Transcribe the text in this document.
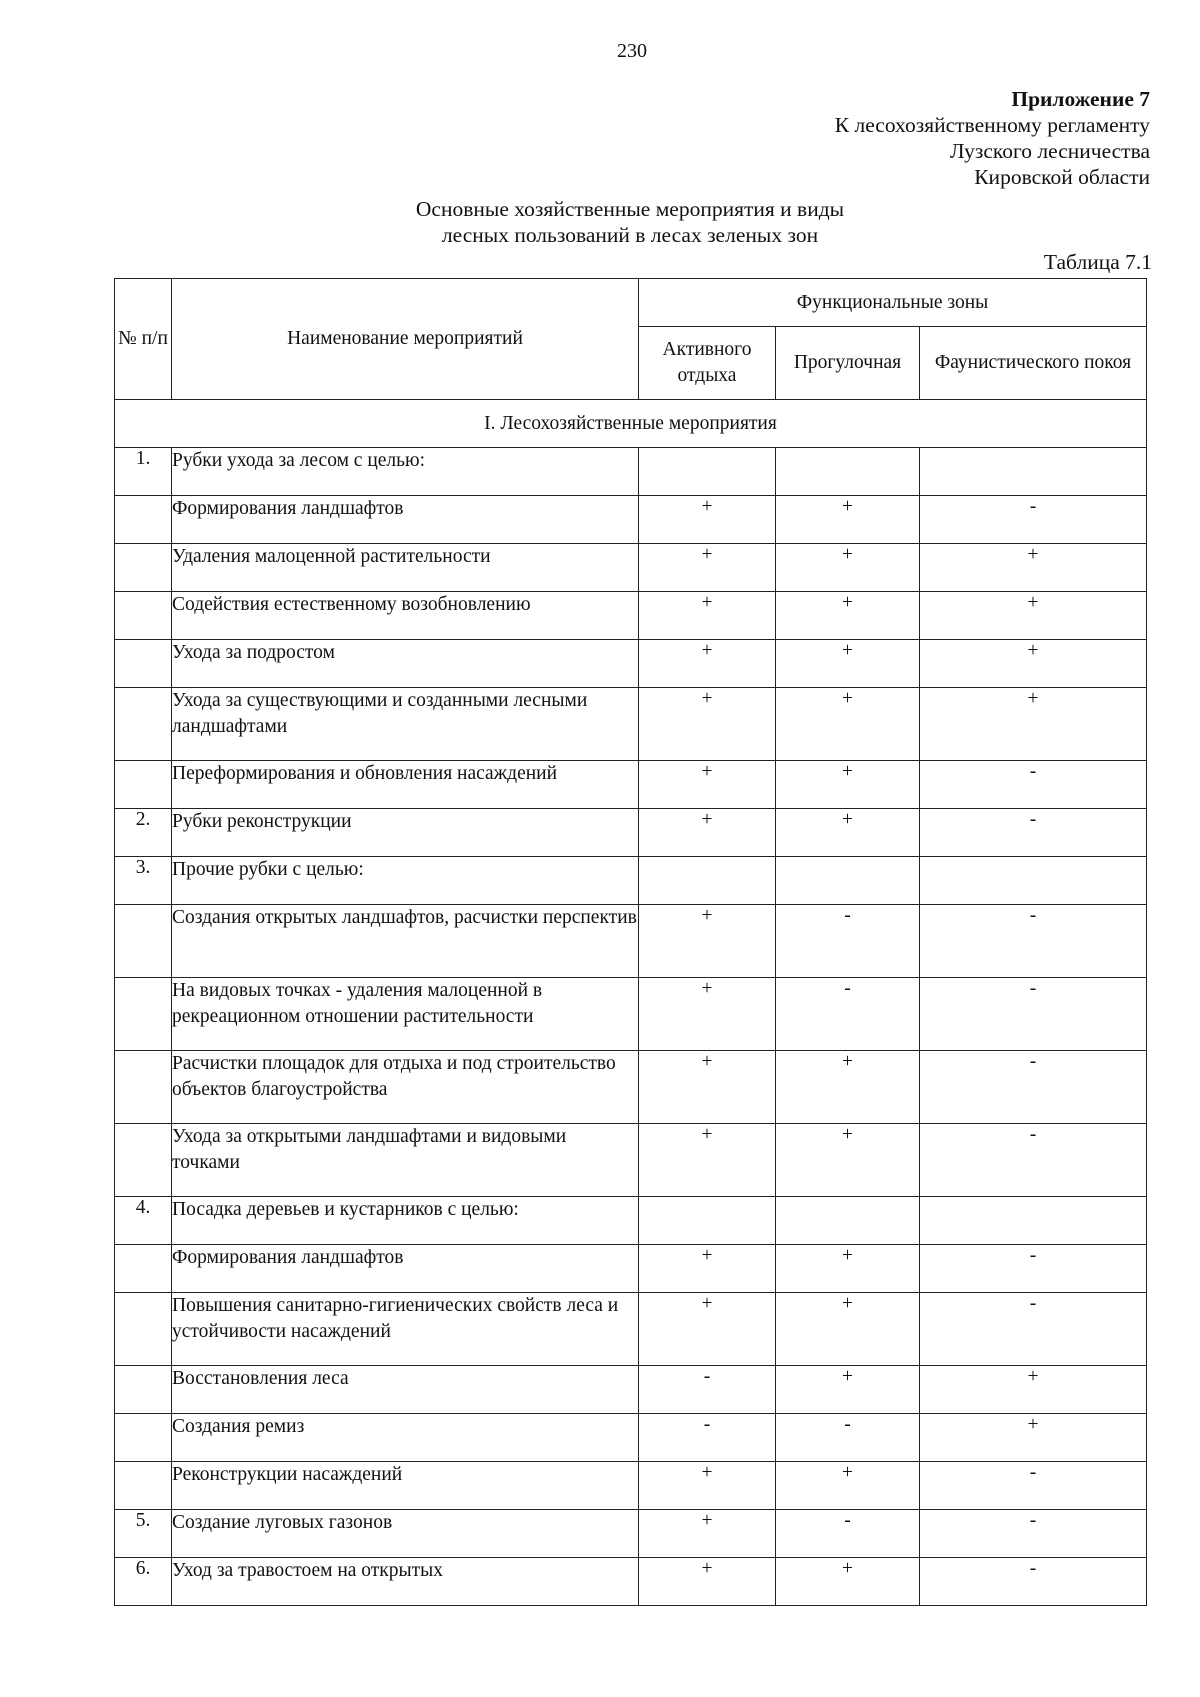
230
Приложение 7
К лесохозяйственному регламенту
Лузского лесничества
Кировской области
Основные хозяйственные мероприятия и виды
лесных пользований в лесах зеленых зон
Таблица 7.1
№ п/п	Наименование мероприятий	Функциональные зоны		
		Активного отдыха	Прогулочная	Фаунистического покоя
I. Лесохозяйственные мероприятия				
1.	Рубки ухода за лесом с целью:			
	Формирования ландшафтов	+	+	-
	Удаления малоценной растительности	+	+	+
	Содействия естественному возобновлению	+	+	+
	Ухода за подростом	+	+	+
	Ухода за существующими и созданными лесными ландшафтами	+	+	+
	Переформирования и обновления насаждений	+	+	-
2.	Рубки реконструкции	+	+	-
3.	Прочие рубки с целью:			
	Создания открытых ландшафтов, расчистки перспектив	+	-	-
	На видовых точках - удаления малоценной в рекреационном отношении растительности	+	-	-
	Расчистки площадок для отдыха и под строительство объектов благоустройства	+	+	-
	Ухода за открытыми ландшафтами и видовыми точками	+	+	-
4.	Посадка деревьев и кустарников с целью:			
	Формирования ландшафтов	+	+	-
	Повышения санитарно-гигиенических свойств леса и устойчивости насаждений	+	+	-
	Восстановления леса	-	+	+
	Создания ремиз	-	-	+
	Реконструкции насаждений	+	+	-
5.	Создание луговых газонов	+	-	-
6.	Уход за травостоем на открытых	+	+	-
